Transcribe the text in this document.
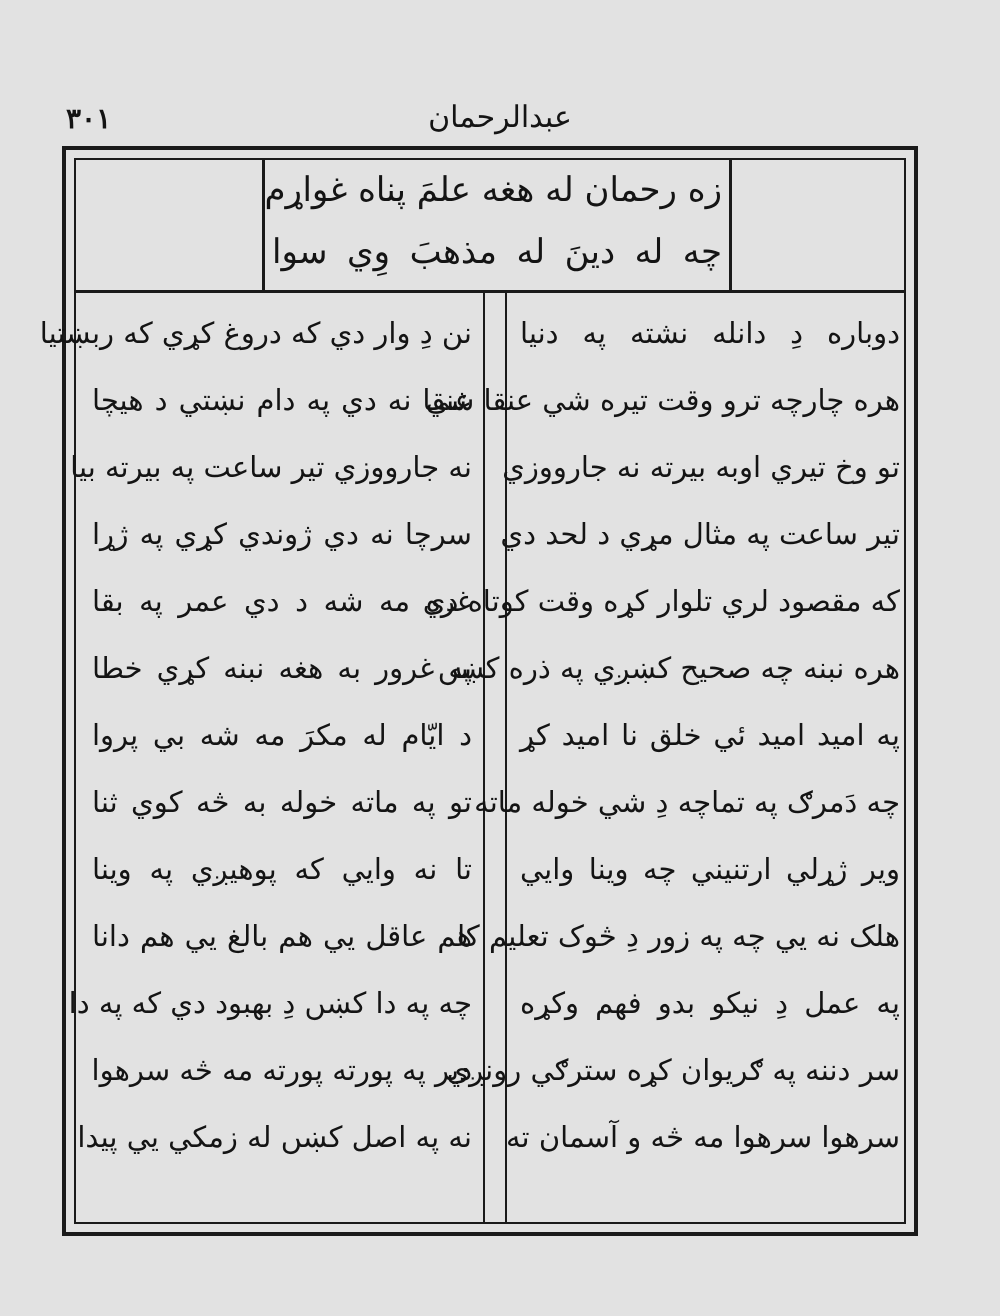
عبدالرحمان
۳۰۱
زه رحمان له هغه علمَ پناه غواړم
چه له دینَ له مذهبَ وِي سوا
دوباره دِ دانله نشته په دنیا
هره چارچه ترو وقت تیره شي عنقا شي
تو وخ تیري اوبه بیرته نه جارووزي
تیر ساعت په مثال مړي د لحد دي
که مقصود لري تلوار کړه وقت کوتاه دي
هره نبنه چه صحیح کښږي په ذره کښں
په امید امید ئي خلق نا امید کړ
چه دَمرګ په تماچه دِ شي خوله ماته
ویر ژړلي ارتنیني چه وینا وایي
هلک نه يي چه په زور دِ څوک تعلیم کا
په عمل دِ نیکو بدو فهم وکړه
سر دننه په ګریوان کړه سترګي رونږي
سرهوا سرهوا مه څه و آسمان ته
نن دِ وار دي که دروغ کړي که ربښتیا
عنقا نه دي په دام نښتي د هیچا
نه جارووزي تیر ساعت په بیرته بیا
سرچا نه دي ژوندي کړي په ژړا
غره مه شه د دي عمر په بقا
په غرور به هغه نبنه کړي خطا
د ایّام له مکرَ مه شه بي پروا
تو په ماته خوله به څه کوي ثنا
تا نه وایي که پوهیږي په وینا
هم عاقل يي هم بالغ يي هم دانا
چه په دا کښں دِ بهبود دي که په دا
دیر په پورته پورته مه څه سرهوا
نه په اصل کښں له زمکي يي پیدا
